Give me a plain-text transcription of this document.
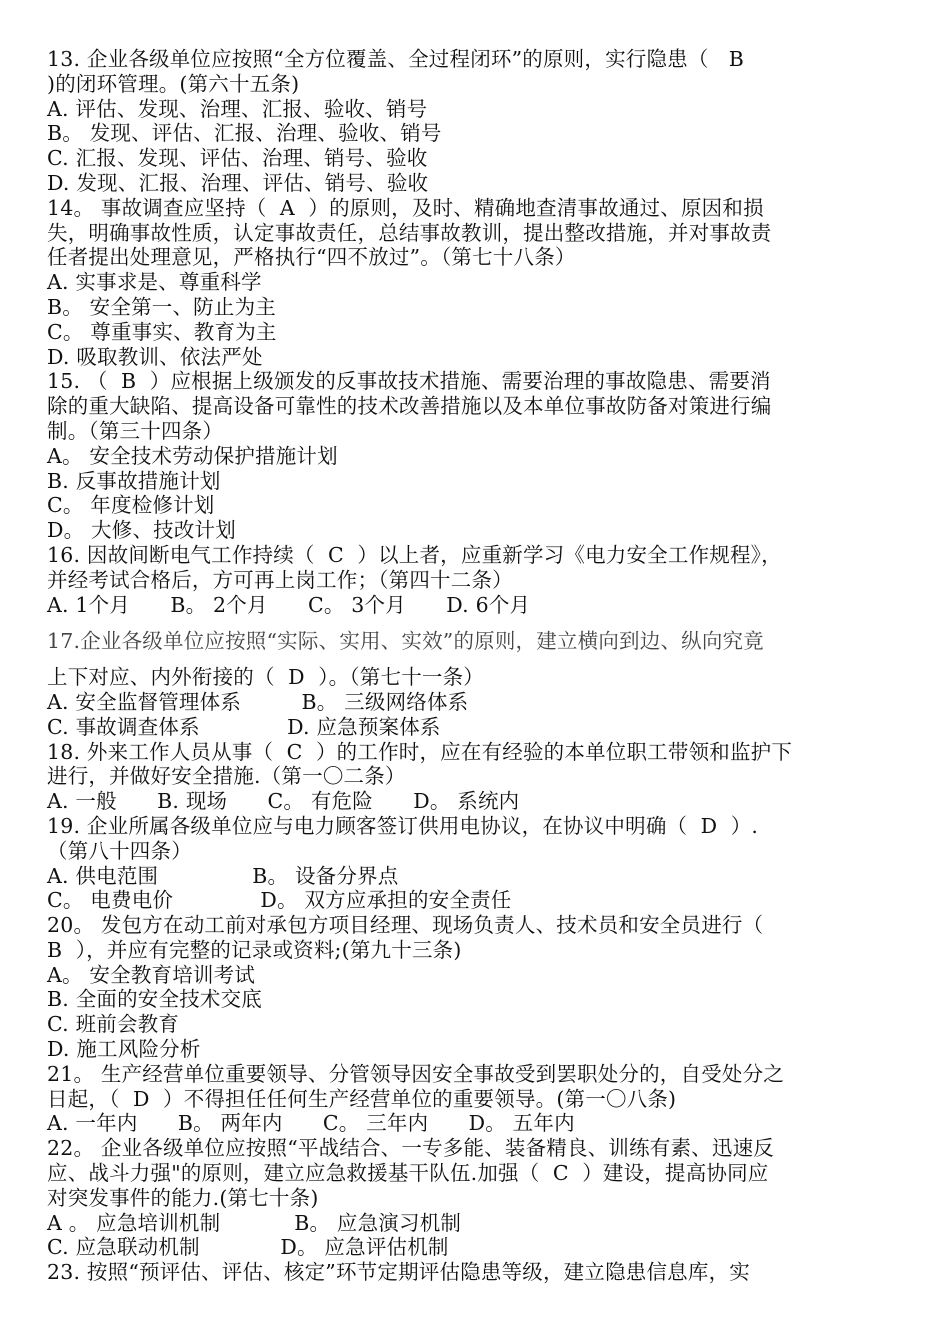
13. 企业各级单位应按照“全方位覆盖、全过程闭环”的原则，实行隐患（   B
)的闭环管理。(第六十五条)
A. 评估、发现、治理、汇报、验收、销号
B。 发现、评估、汇报、治理、验收、销号
C. 汇报、发现、评估、治理、销号、验收
D. 发现、汇报、治理、评估、销号、验收
14。 事故调查应坚持（  A  ）的原则，及时、精确地查清事故通过、原因和损
失，明确事故性质，认定事故责任，总结事故教训，提出整改措施，并对事故责
任者提出处理意见，严格执行“四不放过”。（第七十八条）
A. 实事求是、尊重科学
B。 安全第一、防止为主
C。 尊重事实、教育为主
D. 吸取教训、依法严处
15. （  B  ）应根据上级颁发的反事故技术措施、需要治理的事故隐患、需要消
除的重大缺陷、提高设备可靠性的技术改善措施以及本单位事故防备对策进行编
制。（第三十四条）
A。 安全技术劳动保护措施计划
B. 反事故措施计划
C。 年度检修计划
D。 大修、技改计划
16. 因故间断电气工作持续（  C  ）以上者，应重新学习《电力安全工作规程》，
并经考试合格后，方可再上岗工作；（第四十二条）
A. 1个月      B。 2个月      C。 3个月      D. 6个月
17.企业各级单位应按照“实际、实用、实效”的原则，建立横向到边、纵向究竟
上下对应、内外衔接的（  D  ）。（第七十一条）
A. 安全监督管理体系         B。 三级网络体系
C. 事故调查体系             D. 应急预案体系
18. 外来工作人员从事（  C  ）的工作时，应在有经验的本单位职工带领和监护下
进行，并做好安全措施.（第一〇二条）
A. 一般      B. 现场      C。 有危险      D。 系统内
19. 企业所属各级单位应与电力顾客签订供用电协议，在协议中明确（  D  ）.
（第八十四条）
A. 供电范围              B。 设备分界点
C。 电费电价             D。 双方应承担的安全责任
20。 发包方在动工前对承包方项目经理、现场负责人、技术员和安全员进行（
B  ），并应有完整的记录或资料;(第九十三条)
A。 安全教育培训考试
B. 全面的安全技术交底
C. 班前会教育
D. 施工风险分析
21。 生产经营单位重要领导、分管领导因安全事故受到罢职处分的，自受处分之
日起，（  D  ）不得担任任何生产经营单位的重要领导。(第一〇八条)
A. 一年内      B。 两年内      C。 三年内      D。 五年内
22。 企业各级单位应按照“平战结合、一专多能、装备精良、训练有素、迅速反
应、战斗力强"的原则，建立应急救援基干队伍.加强（  C  ）建设，提高协同应
对突发事件的能力.(第七十条)
A 。 应急培训机制           B。 应急演习机制
C. 应急联动机制            D。 应急评估机制
23. 按照“预评估、评估、核定”环节定期评估隐患等级，建立隐患信息库，实
